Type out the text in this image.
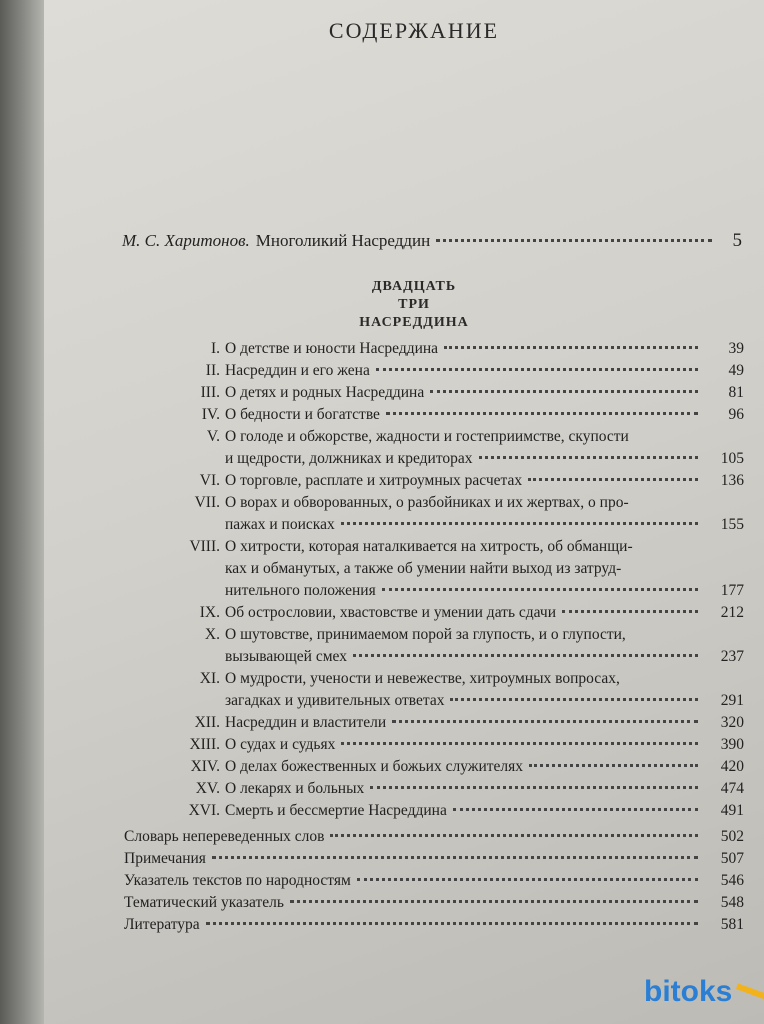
СОДЕРЖАНИЕ
М. С. Харитонов. Многоликий Насреддин	5
ДВАДЦАТЬ
ТРИ
НАСРЕДДИНА
I. О детстве и юности Насреддина	39
II. Насреддин и его жена	49
III. О детях и родных Насреддина	81
IV. О бедности и богатстве	96
V. О голоде и обжорстве, жадности и гостеприимстве, скупости
и щедрости, должниках и кредиторах	105
VI. О торговле, расплате и хитроумных расчетах	136
VII. О ворах и обворованных, о разбойниках и их жертвах, о про-
пажах и поисках	155
VIII. О хитрости, которая наталкивается на хитрость, об обманщи-
ках и обманутых, а также об умении найти выход из затруд-
нительного положения	177
IX. Об острословии, хвастовстве и умении дать сдачи	212
X. О шутовстве, принимаемом порой за глупость, и о глупости,
вызывающей смех	237
XI. О мудрости, учености и невежестве, хитроумных вопросах,
загадках и удивительных ответах	291
XII. Насреддин и властители	320
XIII. О судах и судьях	390
XIV. О делах божественных и божьих служителях	420
XV. О лекарях и больных	474
XVI. Смерть и бессмертие Насреддина	491
Словарь непереведенных слов	502
Примечания	507
Указатель текстов по народностям	546
Тематический указатель	548
Литература	581
bitoks
